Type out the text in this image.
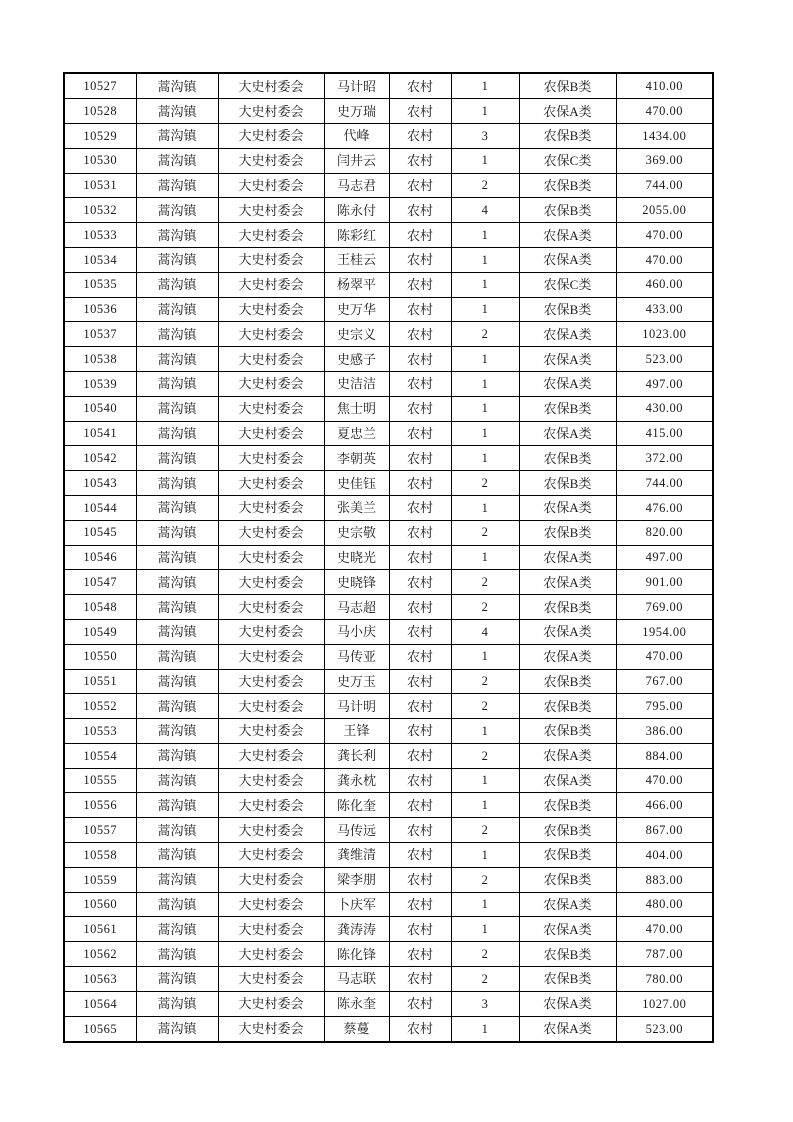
10527	蒿沟镇	大史村委会	马计昭	农村	1	农保B类	410.00
10528	蒿沟镇	大史村委会	史万瑞	农村	1	农保A类	470.00
10529	蒿沟镇	大史村委会	代峰	农村	3	农保B类	1434.00
10530	蒿沟镇	大史村委会	闫井云	农村	1	农保C类	369.00
10531	蒿沟镇	大史村委会	马志君	农村	2	农保B类	744.00
10532	蒿沟镇	大史村委会	陈永付	农村	4	农保B类	2055.00
10533	蒿沟镇	大史村委会	陈彩红	农村	1	农保A类	470.00
10534	蒿沟镇	大史村委会	王桂云	农村	1	农保A类	470.00
10535	蒿沟镇	大史村委会	杨翠平	农村	1	农保C类	460.00
10536	蒿沟镇	大史村委会	史万华	农村	1	农保B类	433.00
10537	蒿沟镇	大史村委会	史宗义	农村	2	农保A类	1023.00
10538	蒿沟镇	大史村委会	史感子	农村	1	农保A类	523.00
10539	蒿沟镇	大史村委会	史洁洁	农村	1	农保A类	497.00
10540	蒿沟镇	大史村委会	焦士明	农村	1	农保B类	430.00
10541	蒿沟镇	大史村委会	夏忠兰	农村	1	农保A类	415.00
10542	蒿沟镇	大史村委会	李朝英	农村	1	农保B类	372.00
10543	蒿沟镇	大史村委会	史佳钰	农村	2	农保B类	744.00
10544	蒿沟镇	大史村委会	张美兰	农村	1	农保A类	476.00
10545	蒿沟镇	大史村委会	史宗敬	农村	2	农保B类	820.00
10546	蒿沟镇	大史村委会	史晓光	农村	1	农保A类	497.00
10547	蒿沟镇	大史村委会	史晓锋	农村	2	农保A类	901.00
10548	蒿沟镇	大史村委会	马志超	农村	2	农保B类	769.00
10549	蒿沟镇	大史村委会	马小庆	农村	4	农保A类	1954.00
10550	蒿沟镇	大史村委会	马传亚	农村	1	农保A类	470.00
10551	蒿沟镇	大史村委会	史万玉	农村	2	农保B类	767.00
10552	蒿沟镇	大史村委会	马计明	农村	2	农保B类	795.00
10553	蒿沟镇	大史村委会	王锋	农村	1	农保B类	386.00
10554	蒿沟镇	大史村委会	龚长利	农村	2	农保A类	884.00
10555	蒿沟镇	大史村委会	龚永枕	农村	1	农保A类	470.00
10556	蒿沟镇	大史村委会	陈化奎	农村	1	农保B类	466.00
10557	蒿沟镇	大史村委会	马传远	农村	2	农保B类	867.00
10558	蒿沟镇	大史村委会	龚维清	农村	1	农保B类	404.00
10559	蒿沟镇	大史村委会	梁李朋	农村	2	农保B类	883.00
10560	蒿沟镇	大史村委会	卜庆军	农村	1	农保A类	480.00
10561	蒿沟镇	大史村委会	龚涛涛	农村	1	农保A类	470.00
10562	蒿沟镇	大史村委会	陈化锋	农村	2	农保B类	787.00
10563	蒿沟镇	大史村委会	马志联	农村	2	农保B类	780.00
10564	蒿沟镇	大史村委会	陈永奎	农村	3	农保A类	1027.00
10565	蒿沟镇	大史村委会	蔡蔓	农村	1	农保A类	523.00
